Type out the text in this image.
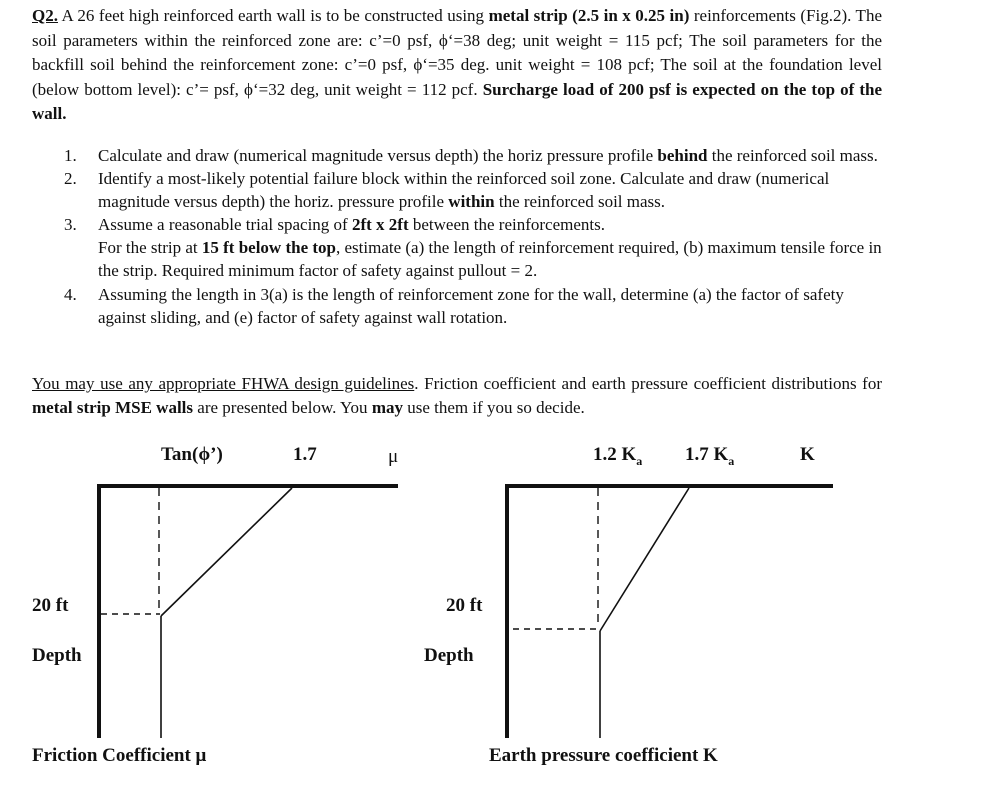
Q2. A 26 feet high reinforced earth wall is to be constructed using metal strip (2.5 in x 0.25 in) reinforcements (Fig.2). The soil parameters within the reinforced zone are: c’=0 psf, ϕ‘=38 deg; unit weight = 115 pcf; The soil parameters for the backfill soil behind the reinforcement zone: c’=0 psf, ϕ‘=35 deg. unit weight = 108 pcf; The soil at the foundation level (below bottom level): c’= psf, ϕ‘=32 deg, unit weight = 112 pcf. Surcharge load of 200 psf is expected on the top of the wall.
1. Calculate and draw (numerical magnitude versus depth) the horiz pressure profile behind the reinforced soil mass.
2. Identify a most-likely potential failure block within the reinforced soil zone. Calculate and draw (numerical magnitude versus depth) the horiz. pressure profile within the reinforced soil mass.
3. Assume a reasonable trial spacing of 2ft x 2ft between the reinforcements.
For the strip at 15 ft below the top, estimate (a) the length of reinforcement required, (b) maximum tensile force in the strip. Required minimum factor of safety against pullout = 2.
4. Assuming the length in 3(a) is the length of reinforcement zone for the wall, determine (a) the factor of safety against sliding, and (e) factor of safety against wall rotation.
You may use any appropriate FHWA design guidelines. Friction coefficient and earth pressure coefficient distributions for metal strip MSE walls are presented below. You may use them if you so decide.
Tan(ϕ’)	1.7	μ
20 ft
Depth
Friction Coefficient μ
1.2 $K_a$ 1.7 $K_a$	K
20 ft
Depth
Earth pressure coefficient K
